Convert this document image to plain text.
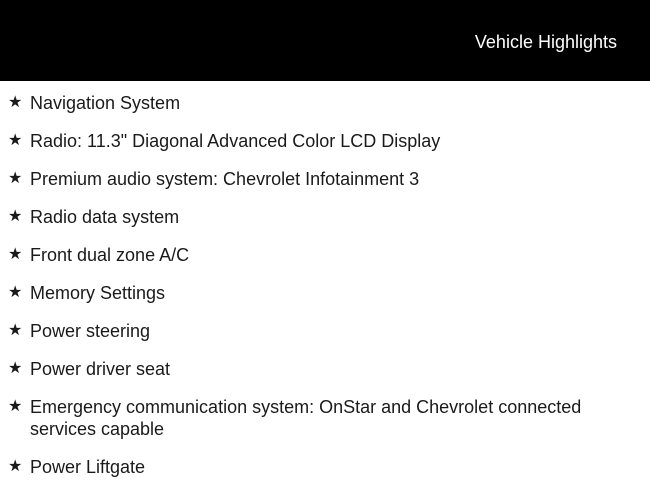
Vehicle Highlights
★ Navigation System
★ Radio: 11.3" Diagonal Advanced Color LCD Display
★ Premium audio system: Chevrolet Infotainment 3
★ Radio data system
★ Front dual zone A/C
★ Memory Settings
★ Power steering
★ Power driver seat
★ Emergency communication system: OnStar and Chevrolet connected services capable
★ Power Liftgate
